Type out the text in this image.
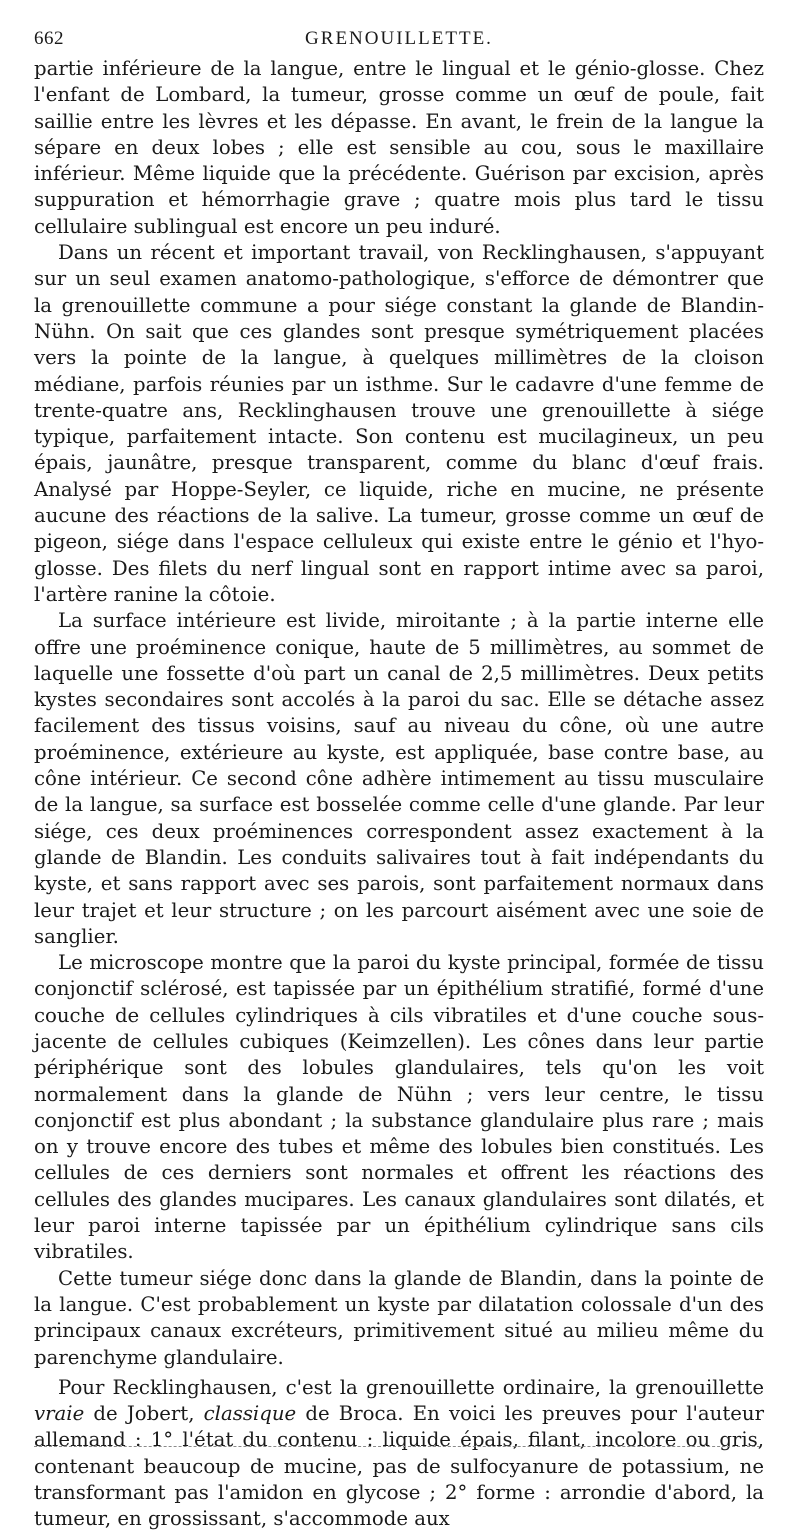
662	GRENOUILLETTE.

partie inférieure de la langue, entre le lingual et le génio-glosse. Chez l'enfant de Lombard, la tumeur, grosse comme un œuf de poule, fait saillie entre les lèvres et les dépasse. En avant, le frein de la langue la sépare en deux lobes ; elle est sensible au cou, sous le maxillaire inférieur. Même liquide que la précédente. Guérison par excision, après suppuration et hémorrhagie grave ; quatre mois plus tard le tissu cellulaire sublingual est encore un peu induré.

Dans un récent et important travail, von Recklinghausen, s'appuyant sur un seul examen anatomo-pathologique, s'efforce de démontrer que la grenouillette commune a pour siége constant la glande de Blandin-Nühn. On sait que ces glandes sont presque symétriquement placées vers la pointe de la langue, à quelques millimètres de la cloison médiane, parfois réunies par un isthme. Sur le cadavre d'une femme de trente-quatre ans, Recklinghausen trouve une grenouillette à siége typique, parfaitement intacte. Son contenu est mucilagineux, un peu épais, jaunâtre, presque transparent, comme du blanc d'œuf frais. Analysé par Hoppe-Seyler, ce liquide, riche en mucine, ne présente aucune des réactions de la salive. La tumeur, grosse comme un œuf de pigeon, siége dans l'espace celluleux qui existe entre le génio et l'hyo-glosse. Des filets du nerf lingual sont en rapport intime avec sa paroi, l'artère ranine la côtoie.

La surface intérieure est livide, miroitante ; à la partie interne elle offre une proéminence conique, haute de 5 millimètres, au sommet de laquelle une fossette d'où part un canal de 2,5 millimètres. Deux petits kystes secondaires sont accolés à la paroi du sac. Elle se détache assez facilement des tissus voisins, sauf au niveau du cône, où une autre proéminence, extérieure au kyste, est appliquée, base contre base, au cône intérieur. Ce second cône adhère intimement au tissu musculaire de la langue, sa surface est bosselée comme celle d'une glande. Par leur siége, ces deux proéminences correspondent assez exactement à la glande de Blandin. Les conduits salivaires tout à fait indépendants du kyste, et sans rapport avec ses parois, sont parfaitement normaux dans leur trajet et leur structure ; on les parcourt aisément avec une soie de sanglier.

Le microscope montre que la paroi du kyste principal, formée de tissu conjonctif sclérosé, est tapissée par un épithélium stratifié, formé d'une couche de cellules cylindriques à cils vibratiles et d'une couche sous-jacente de cellules cubiques (Keimzellen). Les cônes dans leur partie périphérique sont des lobules glandulaires, tels qu'on les voit normalement dans la glande de Nühn ; vers leur centre, le tissu conjonctif est plus abondant ; la substance glandulaire plus rare ; mais on y trouve encore des tubes et même des lobules bien constitués. Les cellules de ces derniers sont normales et offrent les réactions des cellules des glandes mucipares. Les canaux glandulaires sont dilatés, et leur paroi interne tapissée par un épithélium cylindrique sans cils vibratiles.

Cette tumeur siége donc dans la glande de Blandin, dans la pointe de la langue. C'est probablement un kyste par dilatation colossale d'un des principaux canaux excréteurs, primitivement situé au milieu même du parenchyme glandulaire.

Pour Recklinghausen, c'est la grenouillette ordinaire, la grenouillette vraie de Jobert, classique de Broca. En voici les preuves pour l'auteur allemand : 1° l'état du contenu : liquide épais, filant, incolore ou gris, contenant beaucoup de mucine, pas de sulfocyanure de potassium, ne transformant pas l'amidon en glycose ; 2° forme : arrondie d'abord, la tumeur, en grossissant, s'accommode aux
